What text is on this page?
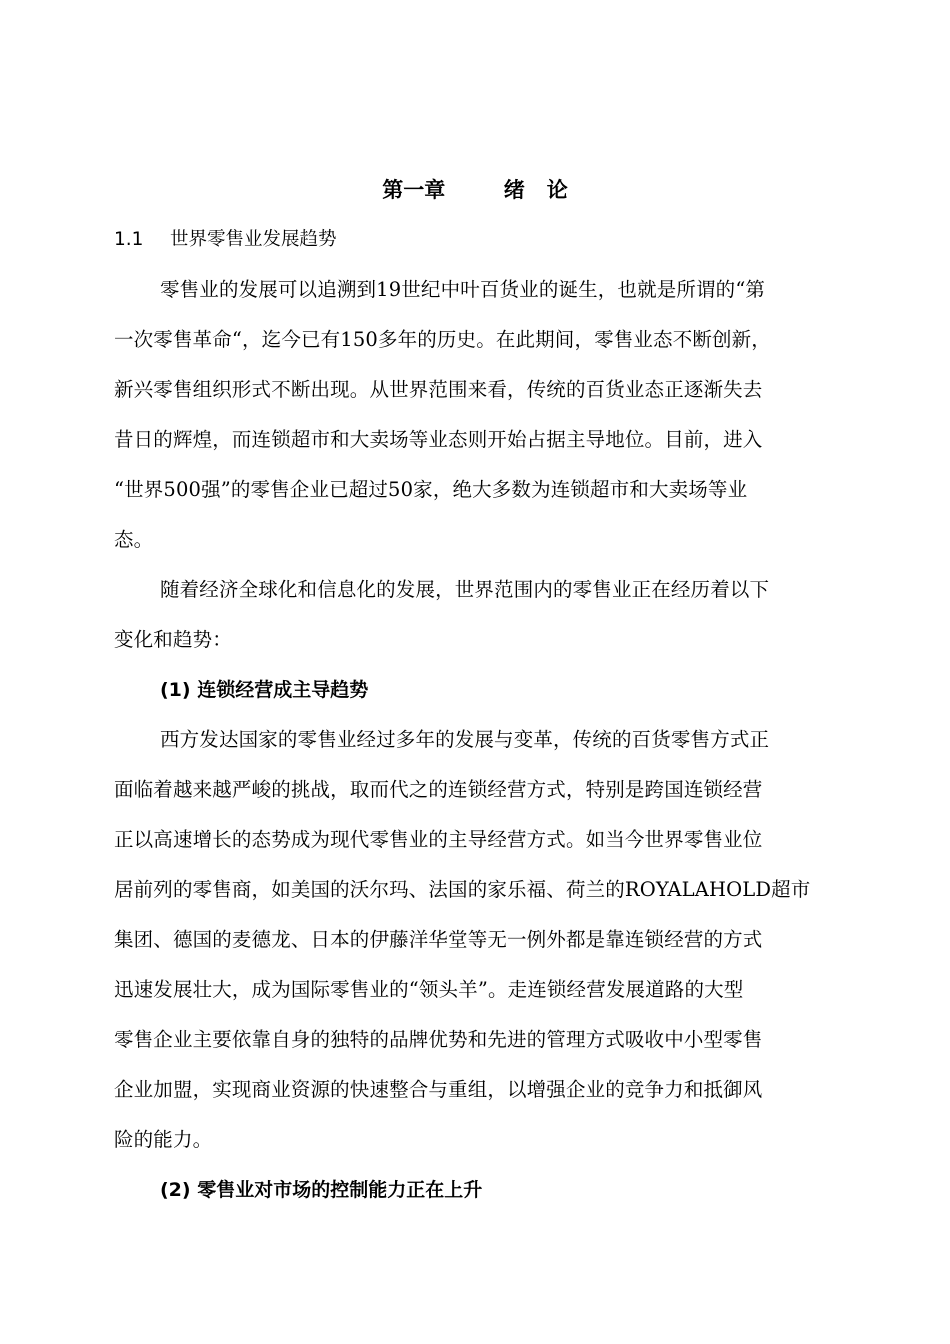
第一章        绪   论
1.1 世界零售业发展趋势
零售业的发展可以追溯到19世纪中叶百货业的诞生，也就是所谓的“第
一次零售革命“，迄今已有150多年的历史。在此期间，零售业态不断创新，
新兴零售组织形式不断出现。从世界范围来看，传统的百货业态正逐渐失去
昔日的辉煌，而连锁超市和大卖场等业态则开始占据主导地位。目前，进入
“世界500强”的零售企业已超过50家，绝大多数为连锁超市和大卖场等业
态。
随着经济全球化和信息化的发展，世界范围内的零售业正在经历着以下
变化和趋势：
(1) 连锁经营成主导趋势
西方发达国家的零售业经过多年的发展与变革，传统的百货零售方式正
面临着越来越严峻的挑战，取而代之的连锁经营方式，特别是跨国连锁经营
正以高速增长的态势成为现代零售业的主导经营方式。如当今世界零售业位
居前列的零售商，如美国的沃尔玛、法国的家乐福、荷兰的ROYALAHOLD超市
集团、德国的麦德龙、日本的伊藤洋华堂等无一例外都是靠连锁经营的方式
迅速发展壮大，成为国际零售业的“领头羊”。走连锁经营发展道路的大型
零售企业主要依靠自身的独特的品牌优势和先进的管理方式吸收中小型零售
企业加盟，实现商业资源的快速整合与重组，以增强企业的竞争力和抵御风
险的能力。
(2) 零售业对市场的控制能力正在上升
